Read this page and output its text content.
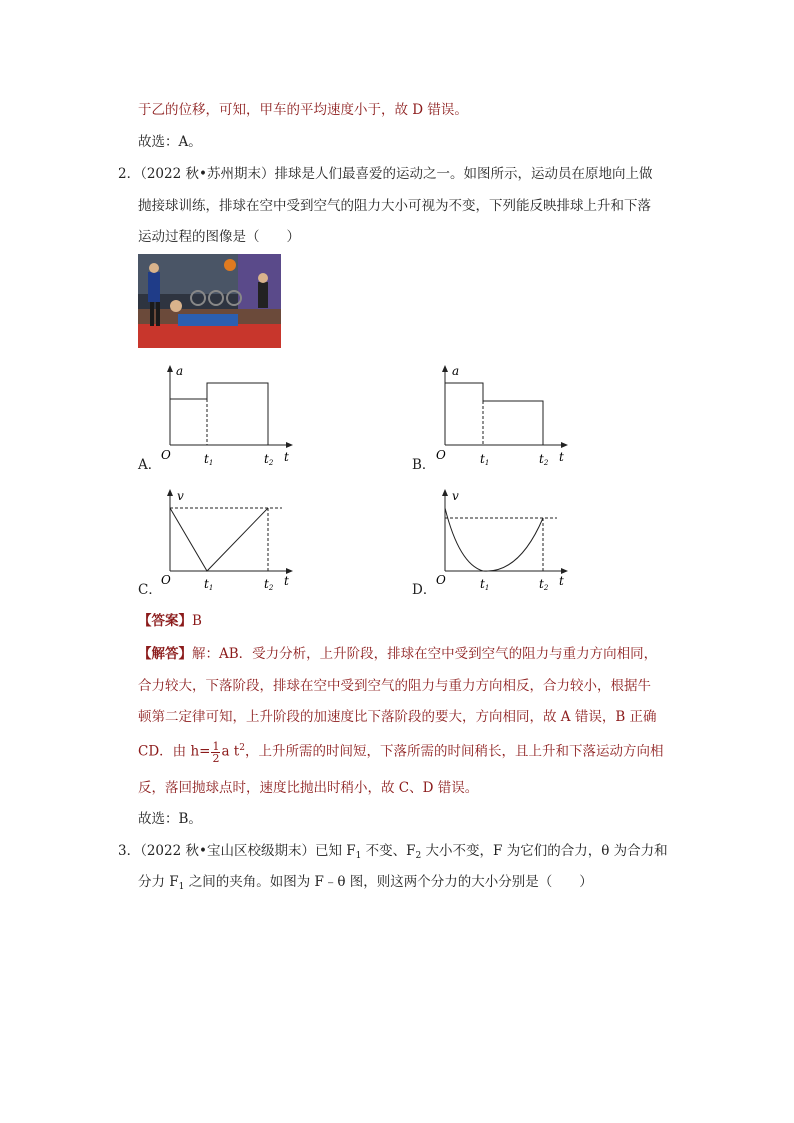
于乙的位移，可知，甲车的平均速度小于，故 D 错误。
故选：A。
2．（2022 秋•苏州期末）排球是人们最喜爱的运动之一。如图所示，运动员在原地向上做
抛接球训练，排球在空中受到空气的阻力大小可视为不变，下列能反映排球上升和下落
运动过程的图像是（　　）
A．	B．
C．	D．
a
O	t1	t2 t
a
O	t1	t2 t
v
O	t1	t2 t
v
O	t1	t2 t
【答案】B
【解答】解：AB．受力分析，上升阶段，排球在空中受到空气的阻力与重力方向相同，
合力较大，下落阶段，排球在空中受到空气的阻力与重力方向相反，合力较小，根据牛
顿第二定律可知，上升阶段的加速度比下落阶段的要大，方向相同，故 A 错误，B 正确
CD．由 $h= \frac{1}{2}$ a $t^2$，上升所需的时间短，下落所需的时间稍长，且上升和下落运动方向相
反，落回抛球点时，速度比抛出时稍小，故 C、D 错误。
故选：B。
3．（2022 秋•宝山区校级期末）已知 $F_1$ 不变、$F_2$ 大小不变，F 为它们的合力，θ 为合力和
分力 $F_1$ 之间的夹角。如图为 F﹣θ 图，则这两个分力的大小分别是（　　）
